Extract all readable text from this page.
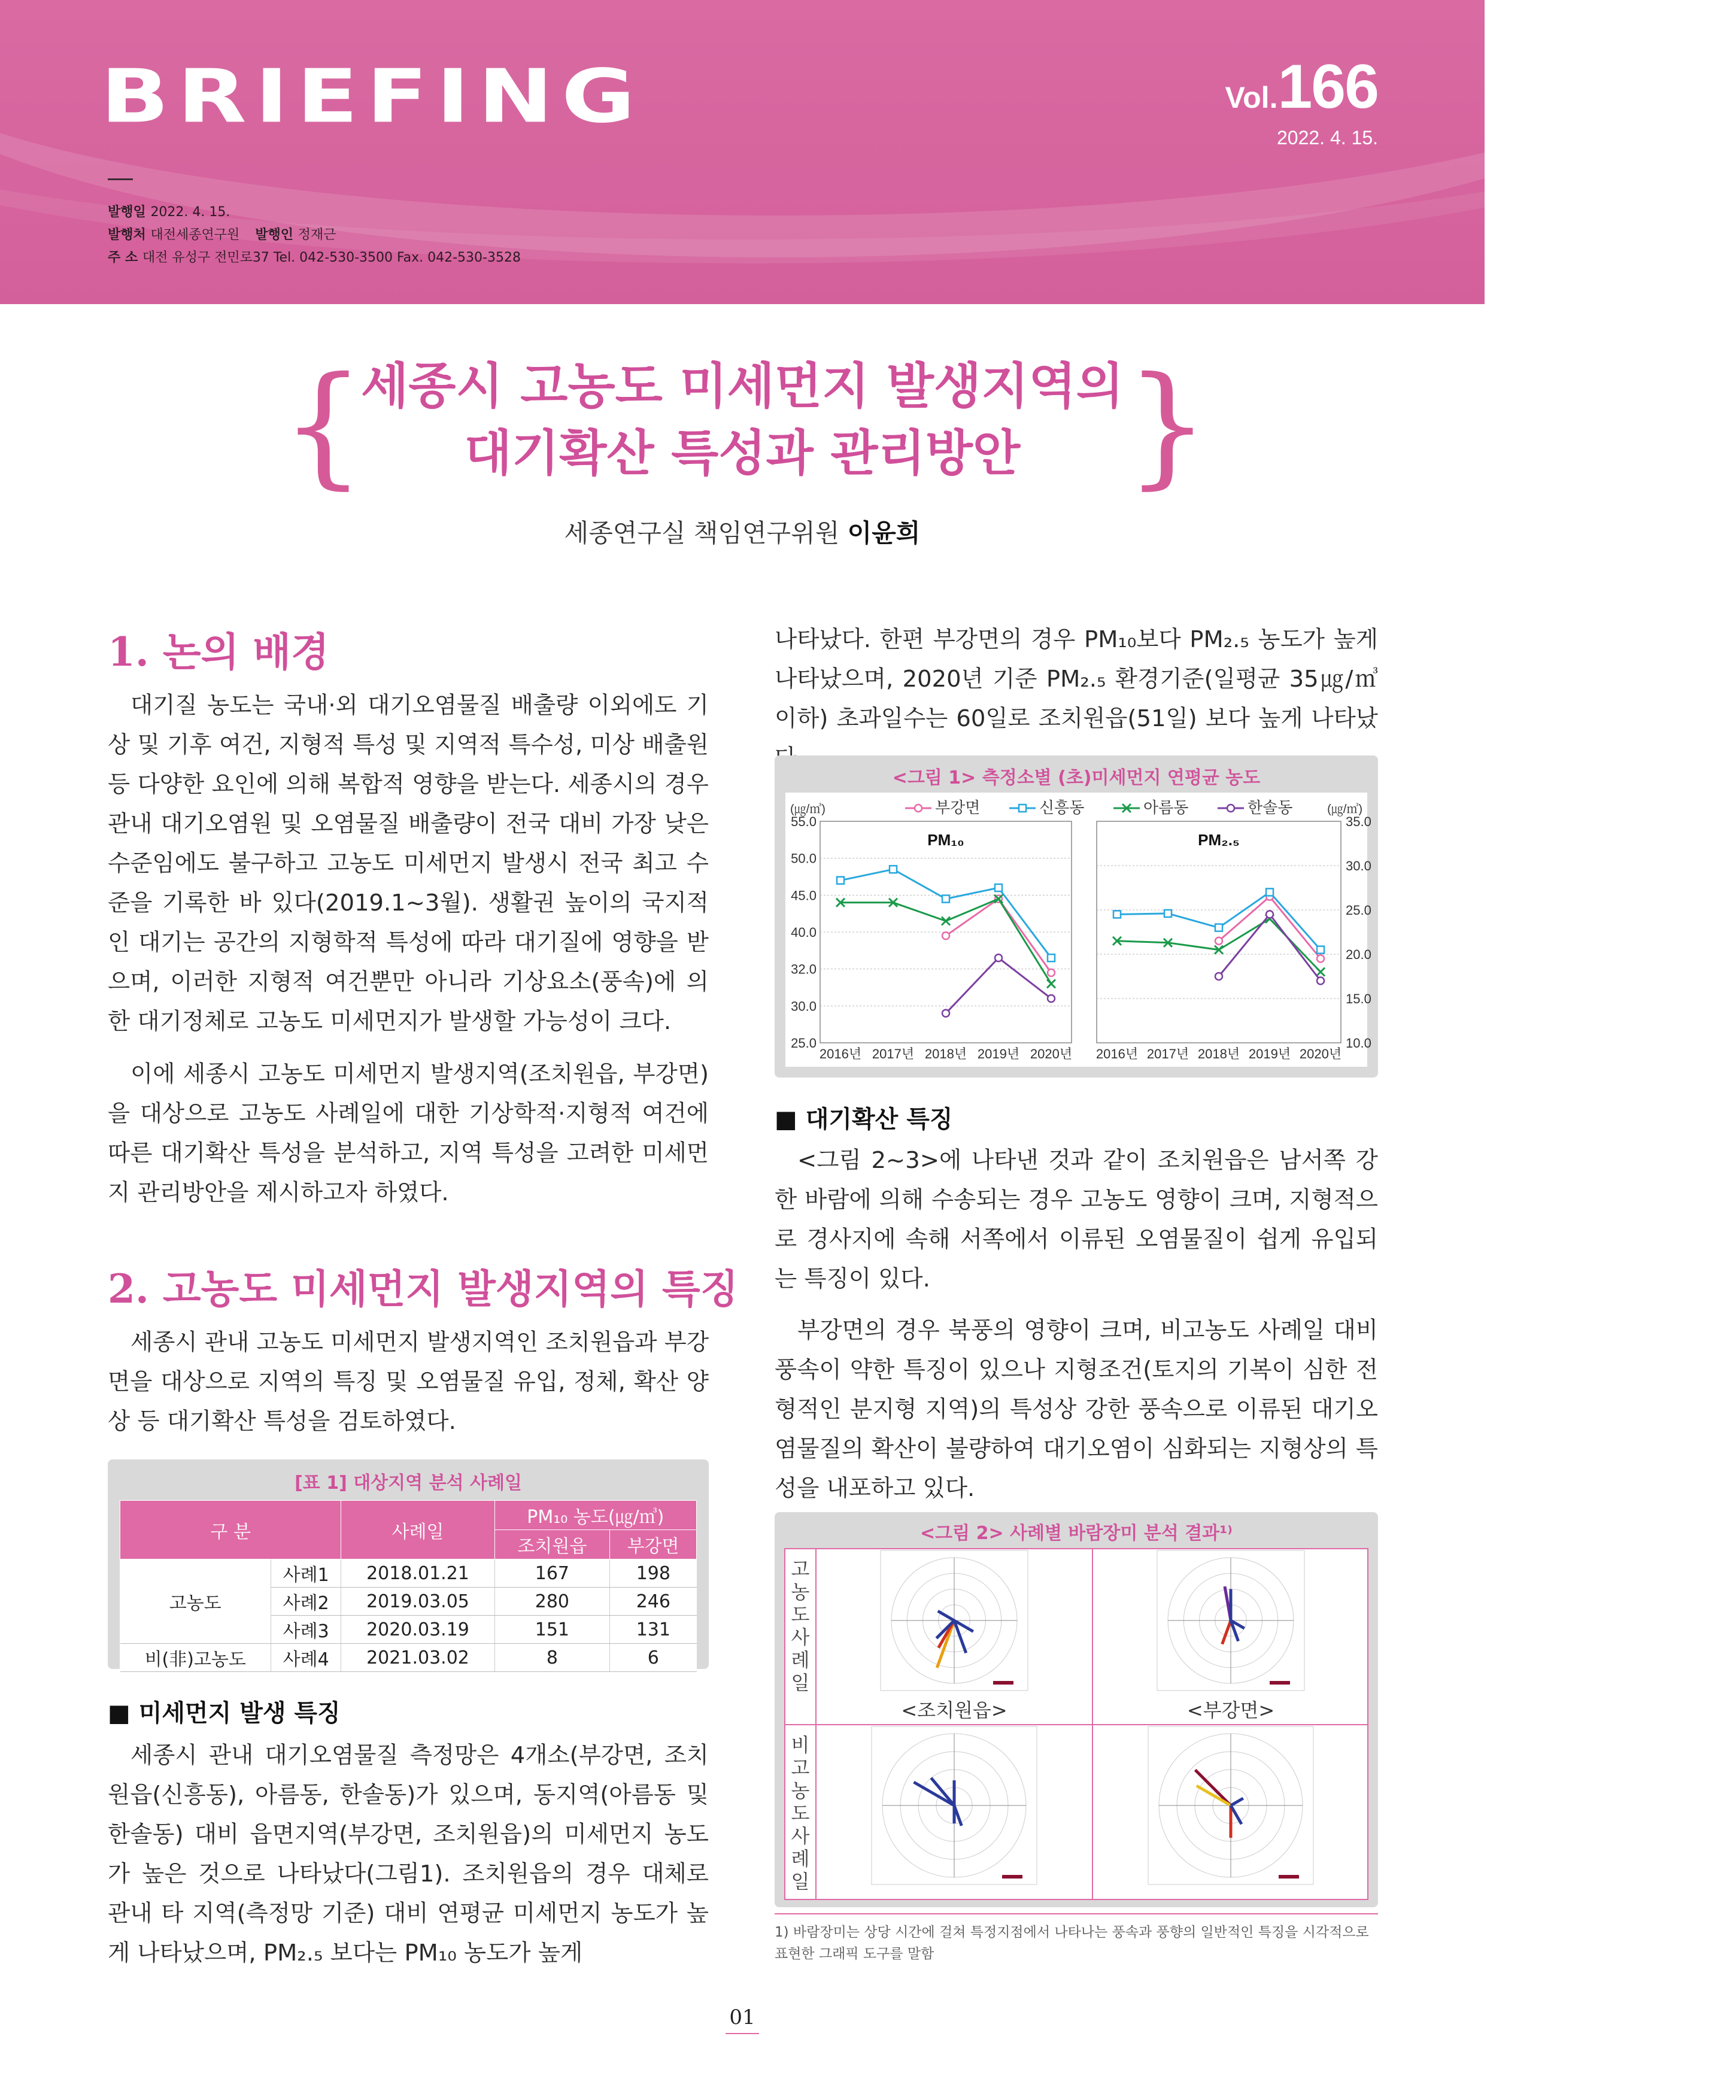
BRIEFING	Vol.166
2022. 4. 15.
발행일 2022. 4. 15.
발행처 대전세종연구원 발행인 정재근
주 소 대전 유성구 전민로37 Tel. 042-530-3500 Fax. 042-530-3528
{	}
세종시 고농도 미세먼지 발생지역의
대기확산 특성과 관리방안
세종연구실 책임연구위원 이윤희
1. 논의 배경
대기질 농도는 국내·외 대기오염물질 배출량 이외에도 기상 및 기후 여건, 지형적 특성 및 지역적 특수성, 미상 배출원 등 다양한 요인에 의해 복합적 영향을 받는다. 세종시의 경우 관내 대기오염원 및 오염물질 배출량이 전국 대비 가장 낮은 수준임에도 불구하고 고농도 미세먼지 발생시 전국 최고 수준을 기록한 바 있다(2019.1~3월). 생활권 높이의 국지적인 대기는 공간의 지형학적 특성에 따라 대기질에 영향을 받으며, 이러한 지형적 여건뿐만 아니라 기상요소(풍속)에 의한 대기정체로 고농도 미세먼지가 발생할 가능성이 크다.
이에 세종시 고농도 미세먼지 발생지역(조치원읍, 부강면)을 대상으로 고농도 사례일에 대한 기상학적·지형적 여건에 따른 대기확산 특성을 분석하고, 지역 특성을 고려한 미세먼지 관리방안을 제시하고자 하였다.
2. 고농도 미세먼지 발생지역의 특징
세종시 관내 고농도 미세먼지 발생지역인 조치원읍과 부강면을 대상으로 지역의 특징 및 오염물질 유입, 정체, 확산 양상 등 대기확산 특성을 검토하였다.
[표 1] 대상지역 분석 사례일
구 분		사례일	PM₁₀ 농도(㎍/㎥)	
			조치원읍	부강면
고농도	사례1	2018.01.21	167	198
	사례2	2019.03.05	280	246
	사례3	2020.03.19	151	131
비(非)고농도	사례4	2021.03.02	8	6
■ 미세먼지 발생 특징
세종시 관내 대기오염물질 측정망은 4개소(부강면, 조치원읍(신흥동), 아름동, 한솔동)가 있으며, 동지역(아름동 및 한솔동) 대비 읍면지역(부강면, 조치원읍)의 미세먼지 농도가 높은 것으로 나타났다(그림1). 조치원읍의 경우 대체로 관내 타 지역(측정망 기준) 대비 연평균 미세먼지 농도가 높게 나타났으며, PM₂.₅ 보다는 PM₁₀ 농도가 높게
나타났다. 한편 부강면의 경우 PM₁₀보다 PM₂.₅ 농도가 높게 나타났으며, 2020년 기준 PM₂.₅ 환경기준(일평균 35㎍/㎥ 이하) 초과일수는 60일로 조치원읍(51일) 보다 높게 나타났
<그림 1> 측정소별 (초)미세먼지 연평균 농도
부강면	신흥동	아름동	한솔동
(㎍/㎥)	(㎍/㎥)
55.0
50.0
45.0
40.0
32.0
30.0
25.0
PM₁₀
2016년 2017년 2018년 2019년 2020년
35.0
30.0
25.0
20.0
15.0
10.0
PM₂.₅
2016년 2017년 2018년 2019년 2020년
■ 대기확산 특징
<그림 2~3>에 나타낸 것과 같이 조치원읍은 남서쪽 강한 바람에 의해 수송되는 경우 고농도 영향이 크며, 지형적으로 경사지에 속해 서쪽에서 이류된 오염물질이 쉽게 유입되는 특징이 있다.
부강면의 경우 북풍의 영향이 크며, 비고농도 사례일 대비 풍속이 약한 특징이 있으나 지형조건(토지의 기복이 심한 전형적인 분지형 지역)의 특성상 강한 풍속으로 이류된 대기오염물질의 확산이 불량하여 대기오염이 심화되는 지형상의 특성을 내포하고 있다.
<그림 2> 사례별 바람장미 분석 결과¹⁾
고농도사례일
<조치원읍>	<부강면>
비고농도사례일
1) 바람장미는 상당 시간에 걸쳐 특정지점에서 나타나는 풍속과 풍향의 일반적인 특징을 시각적으로 표현한 그래픽 도구를 말함
01
